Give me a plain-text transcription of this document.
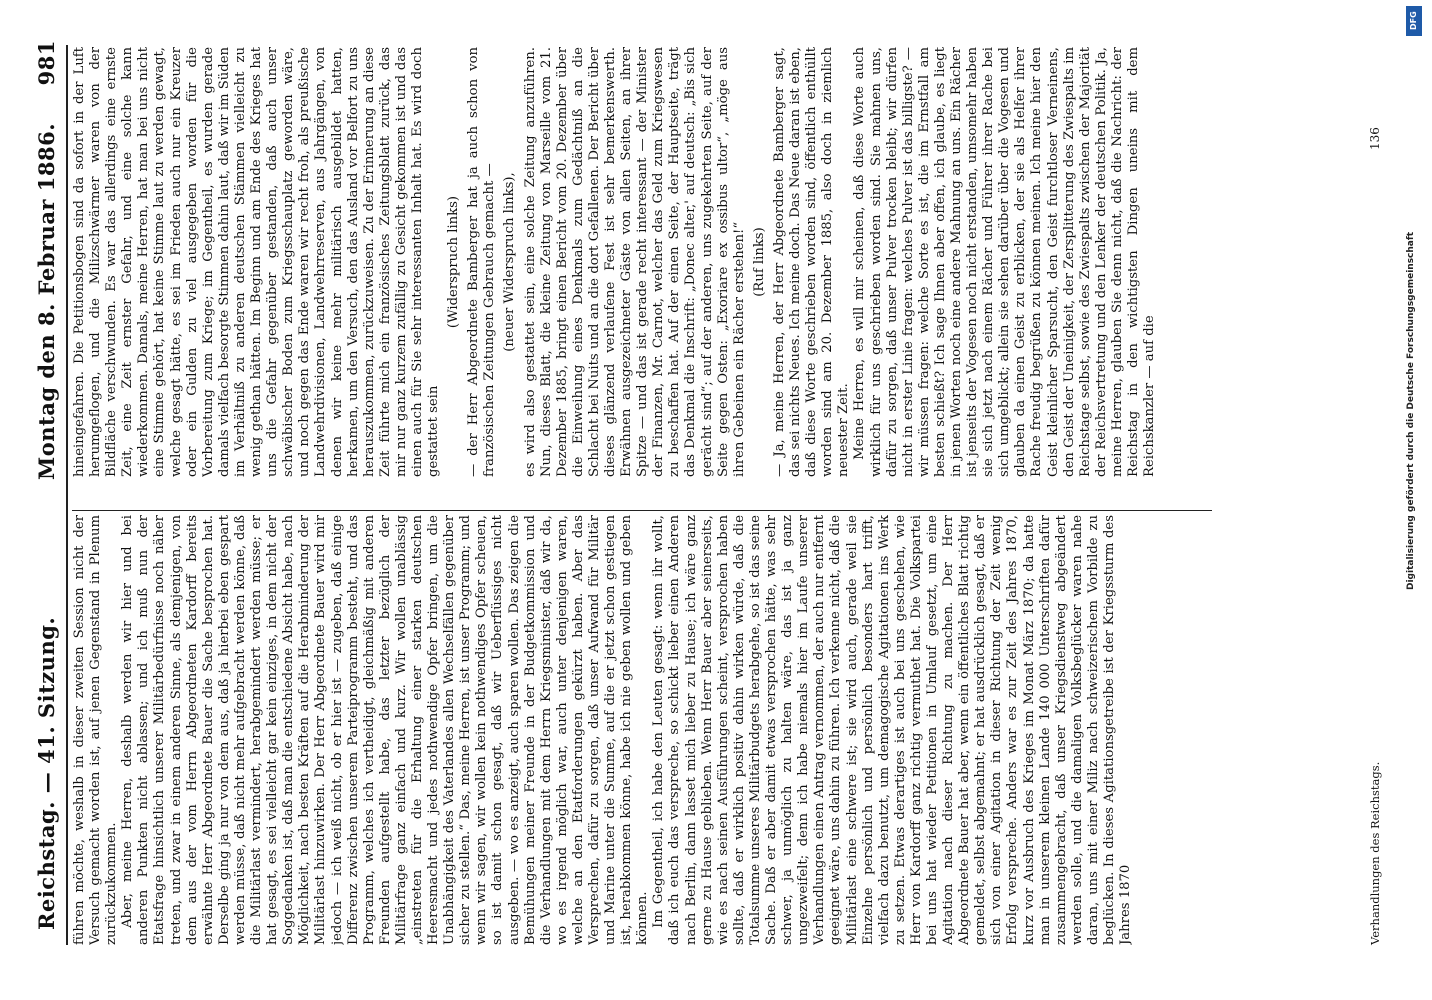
Reichstag. — 41. Sitzung.
Montag den 8. Februar 1886.
981

führen möchte, weshalb in dieser zweiten Session nicht der Versuch gemacht worden ist, auf jenen Gegenstand in Plenum zurückzukommen. Aber, meine Herren, deshalb werden wir hier und bei anderen Punkten nicht ablassen; und ich muß nun der Etatsfrage hinsichtlich unserer Militärbedürfnisse noch näher treten, und zwar in einem anderen Sinne, als demjenigen, von dem aus der vom Herrn Abgeordneten Kardorff bereits erwähnte Herr Abgeordnete Bauer die Sache besprochen hat. Derselbe ging ja nur von dem aus, daß ja hierbei eben gespart werden müsse, daß nicht mehr aufgebracht werden könne, daß die Militärlast vermindert, herabgemindert werden müsse; er hat gesagt, es sei vielleicht gar kein einziges, in dem nicht der Soggedanken ist, daß man die entschiedene Absicht habe, nach Möglichkeit, nach besten Kräften auf die Herabminderung der Militärlast hinzuwirken. Der Herr Abgeordnete Bauer wird mir jedoch — ich weiß nicht, ob er hier ist — zugeben, daß einige Differenz zwischen unserem Parteiprogramm besteht, und das Programm, welches ich vertheidigt, gleichmäßig mit anderen Freunden aufgestellt habe, das letzter bezüglich der Militärfrage ganz einfach und kurz. Wir wollen unablässig „einstreten für die Erhaltung einer starken deutschen Heeresmacht und jedes nothwendige Opfer bringen, um die Unabhängigkeit des Vaterlandes allen Wechselfällen gegenüber sicher zu stellen.“ Das, meine Herren, ist unser Programm; und wenn wir sagen, wir wollen kein nothwendiges Opfer scheuen, so ist damit schon gesagt, daß wir Ueberflüssiges nicht ausgeben. — wo es anzeigt, auch sparen wollen. Das zeigen die Bemühungen meiner Freunde in der Budgetkommission und die Verhandlungen mit dem Herrn Kriegsminister, daß wir da, wo es irgend möglich war, auch unter denjenigen waren, welche an den Etatforderungen gekürzt haben. Aber das Versprechen, dafür zu sorgen, daß unser Aufwand für Militär und Marine unter die Summe, auf die er jetzt schon gestiegen ist, herabkommen könne, habe ich nie geben wollen und geben können. Im Gegentheil, ich habe den Leuten gesagt: wenn ihr wollt, daß ich euch das verspreche, so schickt lieber einen Anderen nach Berlin, dann lasset mich lieber zu Hause; ich wäre ganz gerne zu Hause geblieben. Wenn Herr Bauer aber seinerseits, wie es nach seinen Ausführungen scheint, versprochen haben sollte, daß er wirklich positiv dahin wirken würde, daß die Totalsumme unseres Militärbudgets herabgehe, so ist das seine Sache. Daß er aber damit etwas versprochen hätte, was sehr schwer, ja unmöglich zu halten wäre, das ist ja ganz ungezweifelt; denn ich habe niemals hier im Laufe unserer Verhandlungen einen Antrag vernommen, der auch nur entfernt geeignet wäre, uns dahin zu führen. Ich verkenne nicht, daß die Militärlast eine schwere ist; sie wird auch, gerade weil sie Einzelne persönlich und persönlich besonders hart trifft, vielfach dazu benutzt, um demagogische Agitationen ins Werk zu setzen. Etwas derartiges ist auch bei uns geschehen, wie Herr von Kardorff ganz richtig vermuthet hat. Die Volkspartei bei uns hat wieder Petitionen in Umlauf gesetzt, um eine Agitation nach dieser Richtung zu machen. Der Herr Abgeordnete Bauer hat aber, wenn ein öffentliches Blatt richtig gemeldet, selbst abgemahnt; er hat ausdrücklich gesagt, daß er sich von einer Agitation in dieser Richtung der Zeit wenig Erfolg verspreche. Anders war es zur Zeit des Jahres 1870, kurz vor Ausbruch des Krieges im Monat März 1870; da hatte man in unserem kleinen Lande 140 000 Unterschriften dafür zusammengebracht, daß unser Kriegsdienstweg abgeändert werden solle, und die damaligen Volksbeglücker waren nahe daran, uns mit einer Miliz nach schweizerischem Vorbilde zu beglücken. In dieses Agitationsgetreibe ist der Kriegssturm des Jahres 1870

hineingefahren. Die Petitionsbogen sind da sofort in der Luft herumgeflogen, und die Milizschwärmer waren von der Bildfläche verschwunden. Es war das allerdings eine ernste Zeit, eine Zeit ernster Gefahr, und eine solche kann wiederkommen. Damals, meine Herren, hat man bei uns nicht eine Stimme gehört, hat keine Stimme laut zu werden gewagt, welche gesagt hätte, es sei im Frieden auch nur ein Kreuzer oder ein Gulden zu viel ausgegeben worden für die Vorbereitung zum Kriege; im Gegentheil, es wurden gerade damals vielfach besorgte Stimmen dahin laut, daß wir im Süden im Verhältniß zu anderen deutschen Stämmen vielleicht zu wenig gethan hätten. Im Beginn und am Ende des Krieges hat uns die Gefahr gegenüber gestanden, daß auch unser schwäbischer Boden zum Kriegsschauplatz geworden wäre, und noch gegen das Ende waren wir recht froh, als preußische Landwehrdivisionen, Landwehrreserven, aus Jahrgängen, von denen wir keine mehr militärisch ausgebildet hatten, herkamen, um den Versuch, den das Ausland vor Belfort zu uns herauszukommen, zurückzuweisen. Zu der Erinnerung an diese Zeit führte mich ein französisches Zeitungsblatt zurück, das mir nur ganz kurzem zufällig zu Gesicht gekommen ist und das einen auch für Sie sehr interessanten Inhalt hat. Es wird doch gestattet sein

(Widerspruch links) — der Herr Abgeordnete Bamberger hat ja auch schon von französischen Zeitungen Gebrauch gemacht — (neuer Widerspruch links), es wird also gestattet sein, eine solche Zeitung anzuführen. Nun, dieses Blatt, die kleine Zeitung von Marseille vom 21. Dezember 1885, bringt einen Bericht vom 20. Dezember über die Einweihung eines Denkmals zum Gedächtniß an die Schlacht bei Nuits und an die dort Gefallenen. Der Bericht über dieses glänzend verlaufene Fest ist sehr bemerkenswerth. Erwähnen ausgezeichneter Gäste von allen Seiten, an ihrer Spitze — und das ist gerade recht interessant — der Minister der Finanzen, Mr. Carnot, welcher das Geld zum Kriegswesen zu beschaffen hat. Auf der einen Seite, der Hauptseite, trägt das Denkmal die Inschrift: „Donec alter,' auf deutsch: „Bis sich gerächt sind“; auf der anderen, uns zugekehrten Seite, auf der Seite gegen Osten: „Exoriare ex ossibus ultor“, „möge aus ihren Gebeinen ein Rächer erstehen!“ (Ruf links) — Ja, meine Herren, der Herr Abgeordnete Bamberger sagt, das sei nichts Neues. Ich meine doch. Das Neue daran ist eben, daß diese Worte geschrieben worden sind, öffentlich enthüllt worden sind am 20. Dezember 1885, also doch in ziemlich neuester Zeit. Meine Herren, es will mir scheinen, daß diese Worte auch wirklich für uns geschrieben worden sind. Sie mahnen uns, dafür zu sorgen, daß unser Pulver trocken bleibt; wir dürfen nicht in erster Linie fragen: welches Pulver ist das billigste? — wir müssen fragen: welche Sorte es ist, die im Ernstfall am besten schießt? Ich sage Ihnen aber offen, ich glaube, es liegt in jenen Worten noch eine andere Mahnung an uns. Ein Rächer ist jenseits der Vogesen noch nicht erstanden, umsomehr haben sie sich jetzt nach einem Rächer und Führer ihrer Rache bei sich umgeblickt; allein sie sehen darüber über die Vogesen und glauben da einen Geist zu erblicken, der sie als Helfer ihrer Rache freudig begrüßen zu können meinen. Ich meine hier den Geist kleinlicher Sparsucht, den Geist furchtloser Verneinens, den Geist der Uneinigkeit, der Zersplitterung des Zwiespalts im Reichstage selbst, sowie des Zwiespalts zwischen der Majorität der Reichsvertretung und den Lenker der deutschen Politik. Ja, meine Herren, glauben Sie denn nicht, daß die Nachricht: der Reichstag in den wichtigsten Dingen uneins mit dem Reichskanzler — auf die

Verhandlungen des Reichstags.
136
DFG
Digitalisierung gefördert durch die Deutsche Forschungsgemeinschaft
